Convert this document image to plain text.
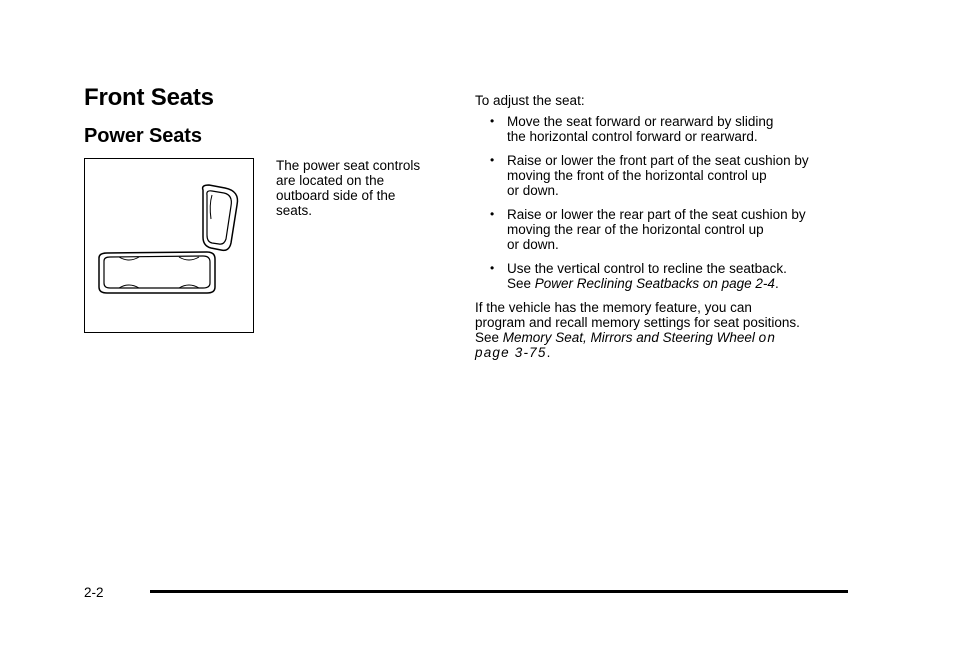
Front Seats
Power Seats
The power seat controls
are located on the
outboard side of the
seats.

To adjust the seat:

• Move the seat forward or rearward by sliding
the horizontal control forward or rearward.
• Raise or lower the front part of the seat cushion by
moving the front of the horizontal control up
or down.
• Raise or lower the rear part of the seat cushion by
moving the rear of the horizontal control up
or down.
• Use the vertical control to recline the seatback.
See Power Reclining Seatbacks on page 2-4.
If the vehicle has the memory feature, you can
program and recall memory settings for seat positions.
See Memory Seat, Mirrors and Steering Wheel on
page 3-75.
2-2
